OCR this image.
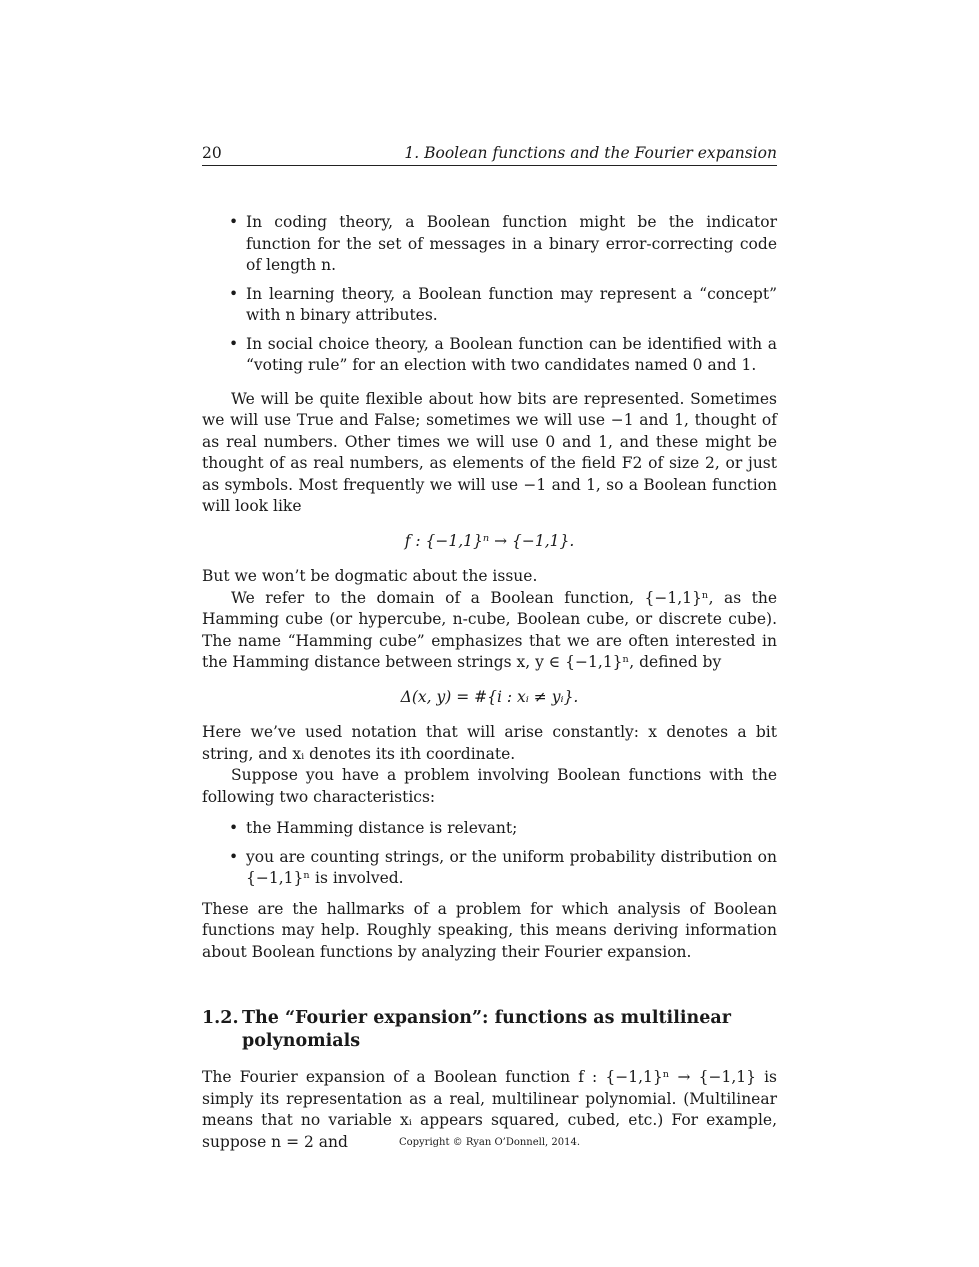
20	1. Boolean functions and the Fourier expansion
• In coding theory, a Boolean function might be the indicator function for the set of messages in a binary error-correcting code of length n.
• In learning theory, a Boolean function may represent a “concept” with n binary attributes.
• In social choice theory, a Boolean function can be identified with a “voting rule” for an election with two candidates named 0 and 1.

We will be quite flexible about how bits are represented. Sometimes we will use True and False; sometimes we will use −1 and 1, thought of as real numbers. Other times we will use 0 and 1, and these might be thought of as real numbers, as elements of the field F2 of size 2, or just as symbols. Most frequently we will use −1 and 1, so a Boolean function will look like

f : {−1,1}ⁿ → {−1,1}.

But we won’t be dogmatic about the issue.

We refer to the domain of a Boolean function, {−1,1}ⁿ, as the Hamming cube (or hypercube, n-cube, Boolean cube, or discrete cube). The name “Hamming cube” emphasizes that we are often interested in the Hamming distance between strings x, y ∈ {−1,1}ⁿ, defined by

Δ(x, y) = #{i : xᵢ ≠ yᵢ}.

Here we’ve used notation that will arise constantly: x denotes a bit string, and xᵢ denotes its ith coordinate.

Suppose you have a problem involving Boolean functions with the following two characteristics:

• the Hamming distance is relevant;
• you are counting strings, or the uniform probability distribution on {−1,1}ⁿ is involved.

These are the hallmarks of a problem for which analysis of Boolean functions may help. Roughly speaking, this means deriving information about Boolean functions by analyzing their Fourier expansion.

1.2. The “Fourier expansion”: functions as multilinear
polynomials

The Fourier expansion of a Boolean function f : {−1,1}ⁿ → {−1,1} is simply its representation as a real, multilinear polynomial. (Multilinear means that no variable xᵢ appears squared, cubed, etc.) For example, suppose n = 2 and	Copyright © Ryan O’Donnell, 2014.
